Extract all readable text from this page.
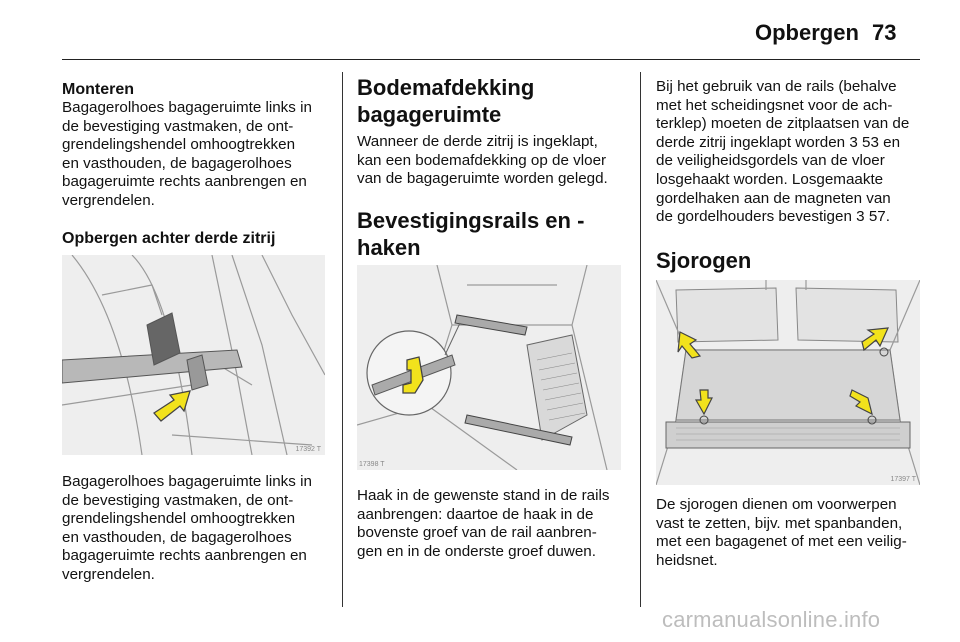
Opbergen 73
Monteren

Bagagerolhoes bagageruimte links in
de bevestiging vastmaken, de ont-
grendelingshendel omhoogtrekken
en vasthouden, de bagagerolhoes
bagageruimte rechts aanbrengen en
vergrendelen.

Opbergen achter derde zitrij
17392 T

Bagagerolhoes bagageruimte links in
de bevestiging vastmaken, de ont-
grendelingshendel omhoogtrekken
en vasthouden, de bagagerolhoes
bagageruimte rechts aanbrengen en
vergrendelen.

Bodemafdekking
bagageruimte

Wanneer de derde zitrij is ingeklapt,
kan een bodemafdekking op de vloer
van de bagageruimte worden gelegd.

Bevestigingsrails en -
haken
17398 T

Haak in de gewenste stand in de rails
aanbrengen: daartoe de haak in de
bovenste groef van de rail aanbren-
gen en in de onderste groef duwen.

Bij het gebruik van de rails (behalve
met het scheidingsnet voor de ach-
terklep) moeten de zitplaatsen van de
derde zitrij ingeklapt worden 3 53 en
de veiligheidsgordels van de vloer
losgehaakt worden. Losgemaakte
gordelhaken aan de magneten van
de gordelhouders bevestigen 3 57.

Sjorogen
17397 T

De sjorogen dienen om voorwerpen
vast te zetten, bijv. met spanbanden,
met een bagagenet of met een veilig-
heidsnet.

carmanualsonline.info
